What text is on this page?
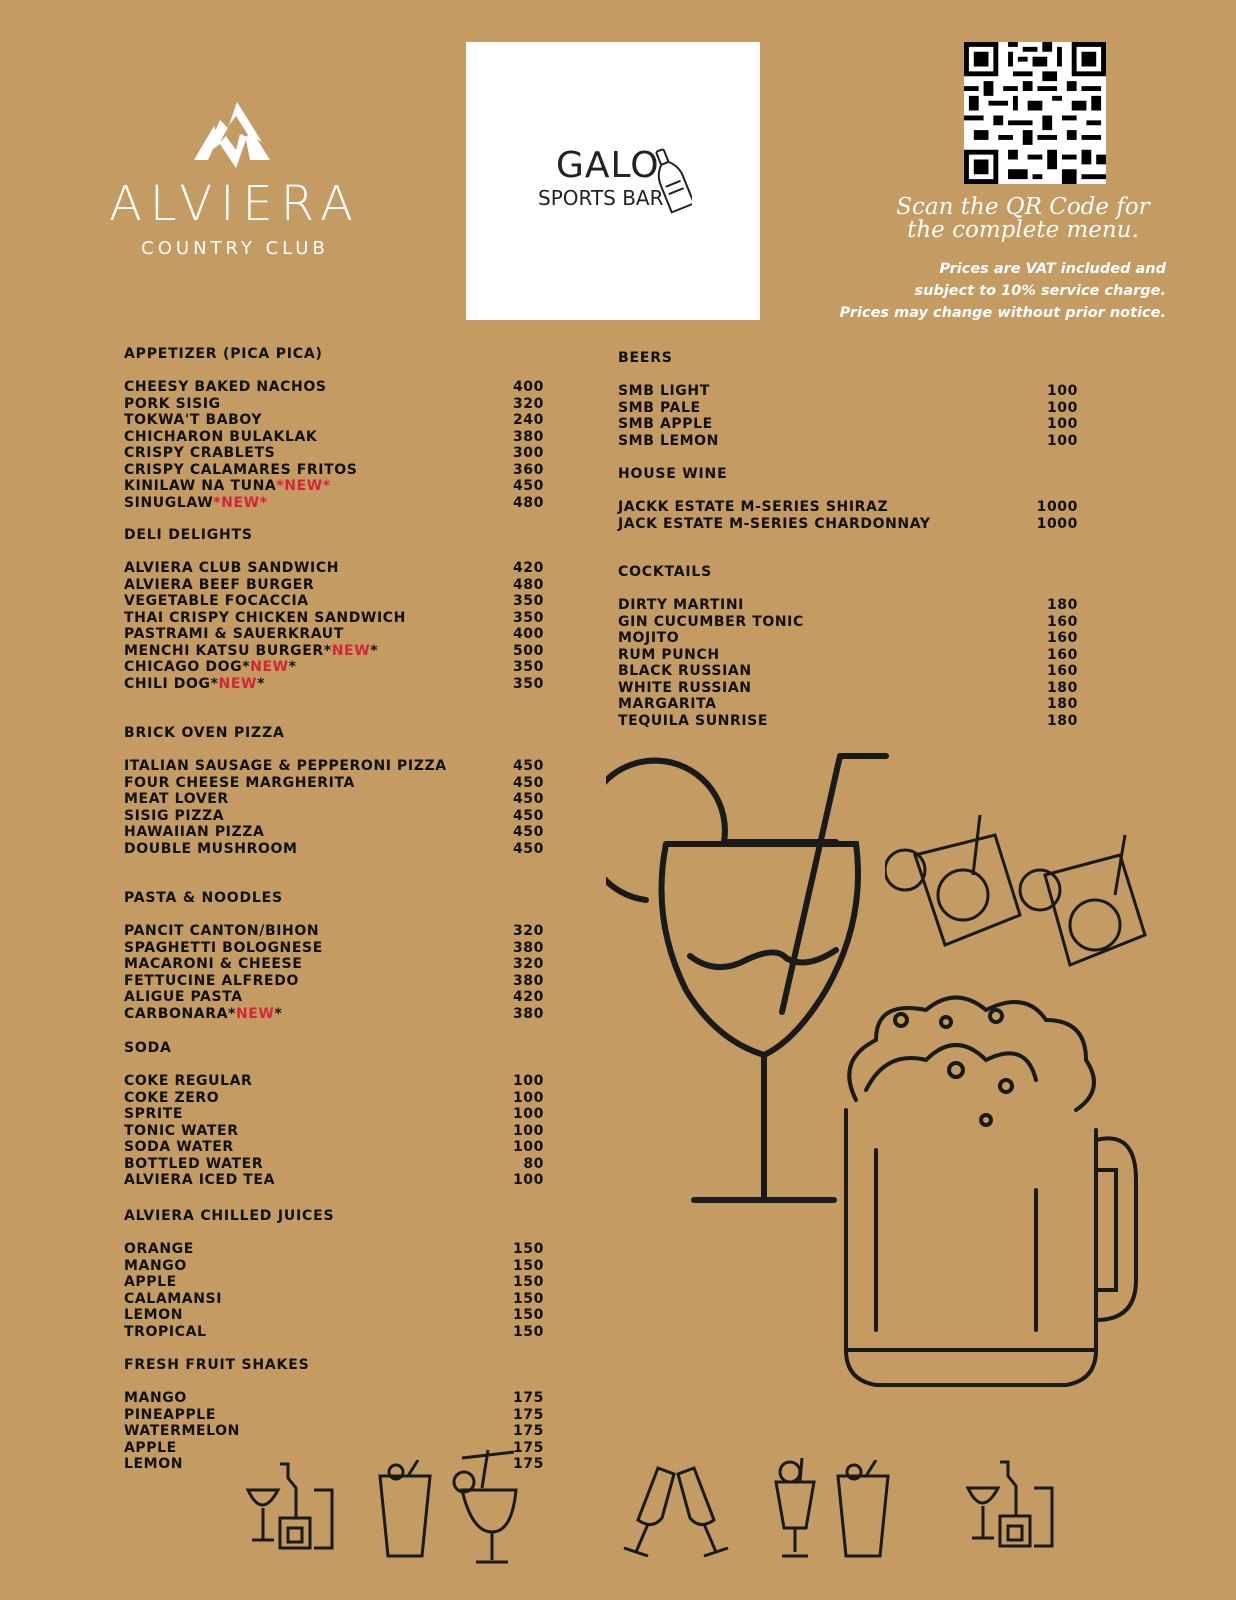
ALVIERA
COUNTRY CLUB
GALO
SPORTS BAR	Scan the QR Code for
the complete menu.
Prices are VAT included and
subject to 10% service charge.
Prices may change without prior notice.
APPETIZER (PICA PICA)
CHEESY BAKED NACHOS	400
PORK SISIG	320
TOKWA'T BABOY	240
CHICHARON BULAKLAK	380
CRISPY CRABLETS	300
CRISPY CALAMARES FRITOS	360
KINILAW NA TUNA*NEW*	450
SINUGLAW*NEW*	480
DELI DELIGHTS
ALVIERA CLUB SANDWICH	420
ALVIERA BEEF BURGER	480
VEGETABLE FOCACCIA	350
THAI CRISPY CHICKEN SANDWICH	350
PASTRAMI & SAUERKRAUT	400
MENCHI KATSU BURGER*NEW*	500
CHICAGO DOG*NEW*	350
CHILI DOG*NEW*	350
BRICK OVEN PIZZA
ITALIAN SAUSAGE & PEPPERONI PIZZA	450
FOUR CHEESE MARGHERITA	450
MEAT LOVER	450
SISIG PIZZA	450
HAWAIIAN PIZZA	450
DOUBLE MUSHROOM	450
PASTA & NOODLES
PANCIT CANTON/BIHON	320
SPAGHETTI BOLOGNESE	380
MACARONI & CHEESE	320
FETTUCINE ALFREDO	380
ALIGUE PASTA	420
CARBONARA*NEW*	380
SODA
COKE REGULAR	100
COKE ZERO	100
SPRITE	100
TONIC WATER	100
SODA WATER	100
BOTTLED WATER	80
ALVIERA ICED TEA	100
ALVIERA CHILLED JUICES
ORANGE	150
MANGO	150
APPLE	150
CALAMANSI	150
LEMON	150
TROPICAL	150
FRESH FRUIT SHAKES
MANGO	175
PINEAPPLE	175
WATERMELON	175
APPLE	175
LEMON	175
BEERS
SMB LIGHT	100
SMB PALE	100
SMB APPLE	100
SMB LEMON	100
HOUSE WINE
JACKK ESTATE M-SERIES SHIRAZ	1000
JACK ESTATE M-SERIES CHARDONNAY	1000
COCKTAILS
DIRTY MARTINI	180
GIN CUCUMBER TONIC	160
MOJITO	160
RUM PUNCH	160
BLACK RUSSIAN	160
WHITE RUSSIAN	180
MARGARITA	180
TEQUILA SUNRISE	180
